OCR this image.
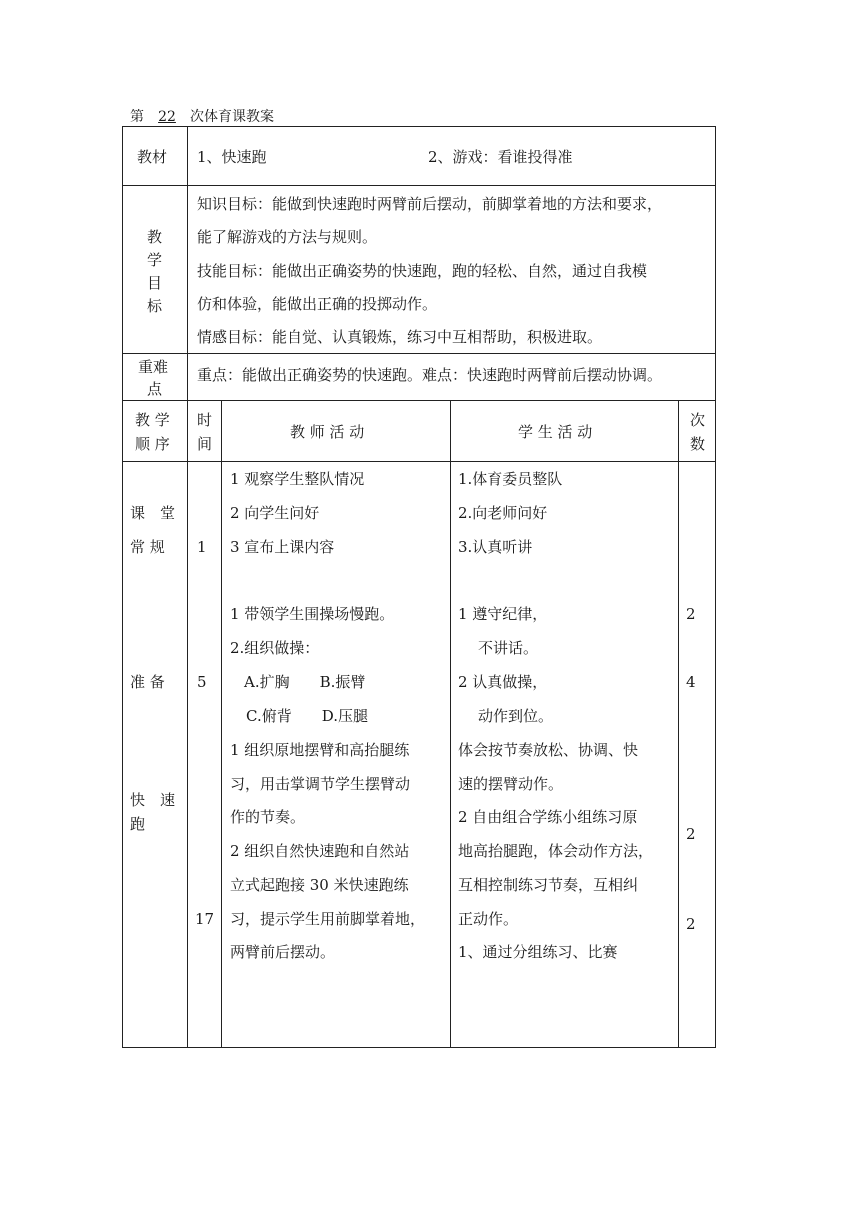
第 22 次体育课教案
教材 1、快速跑	2、游戏：看谁投得准
教
学
目
标
知识目标：能做到快速跑时两臂前后摆动，前脚掌着地的方法和要求，
能了解游戏的方法与规则。
技能目标：能做出正确姿势的快速跑，跑的轻松、自然，通过自我模
仿和体验，能做出正确的投掷动作。
情感目标：能自觉、认真锻炼，练习中互相帮助，积极进取。
重难
点
重点：能做出正确姿势的快速跑。难点：快速跑时两臂前后摆动协调。
教 学
顺 序
时
间
教 师 活 动	学 生 活 动
次
数
课　堂
常 规 1
1 观察学生整队情况
2 向学生问好
3 宣布上课内容
1.体育委员整队
2.向老师问好
3.认真听讲
准 备 5
1 带领学生围操场慢跑。
2.组织做操：
A.扩胸　　B.振臂
C.俯背　　D.压腿
1 遵守纪律，
不讲话。
2 认真做操，
动作到位。
2
4
快　速
跑
17
1 组织原地摆臂和高抬腿练
习，用击掌调节学生摆臂动
作的节奏。
2 组织自然快速跑和自然站
立式起跑接 30 米快速跑练
习，提示学生用前脚掌着地，
两臂前后摆动。
体会按节奏放松、协调、快
速的摆臂动作。
2 自由组合学练小组练习原
地高抬腿跑，体会动作方法，
互相控制练习节奏，互相纠
正动作。
1、通过分组练习、比赛
2
2
